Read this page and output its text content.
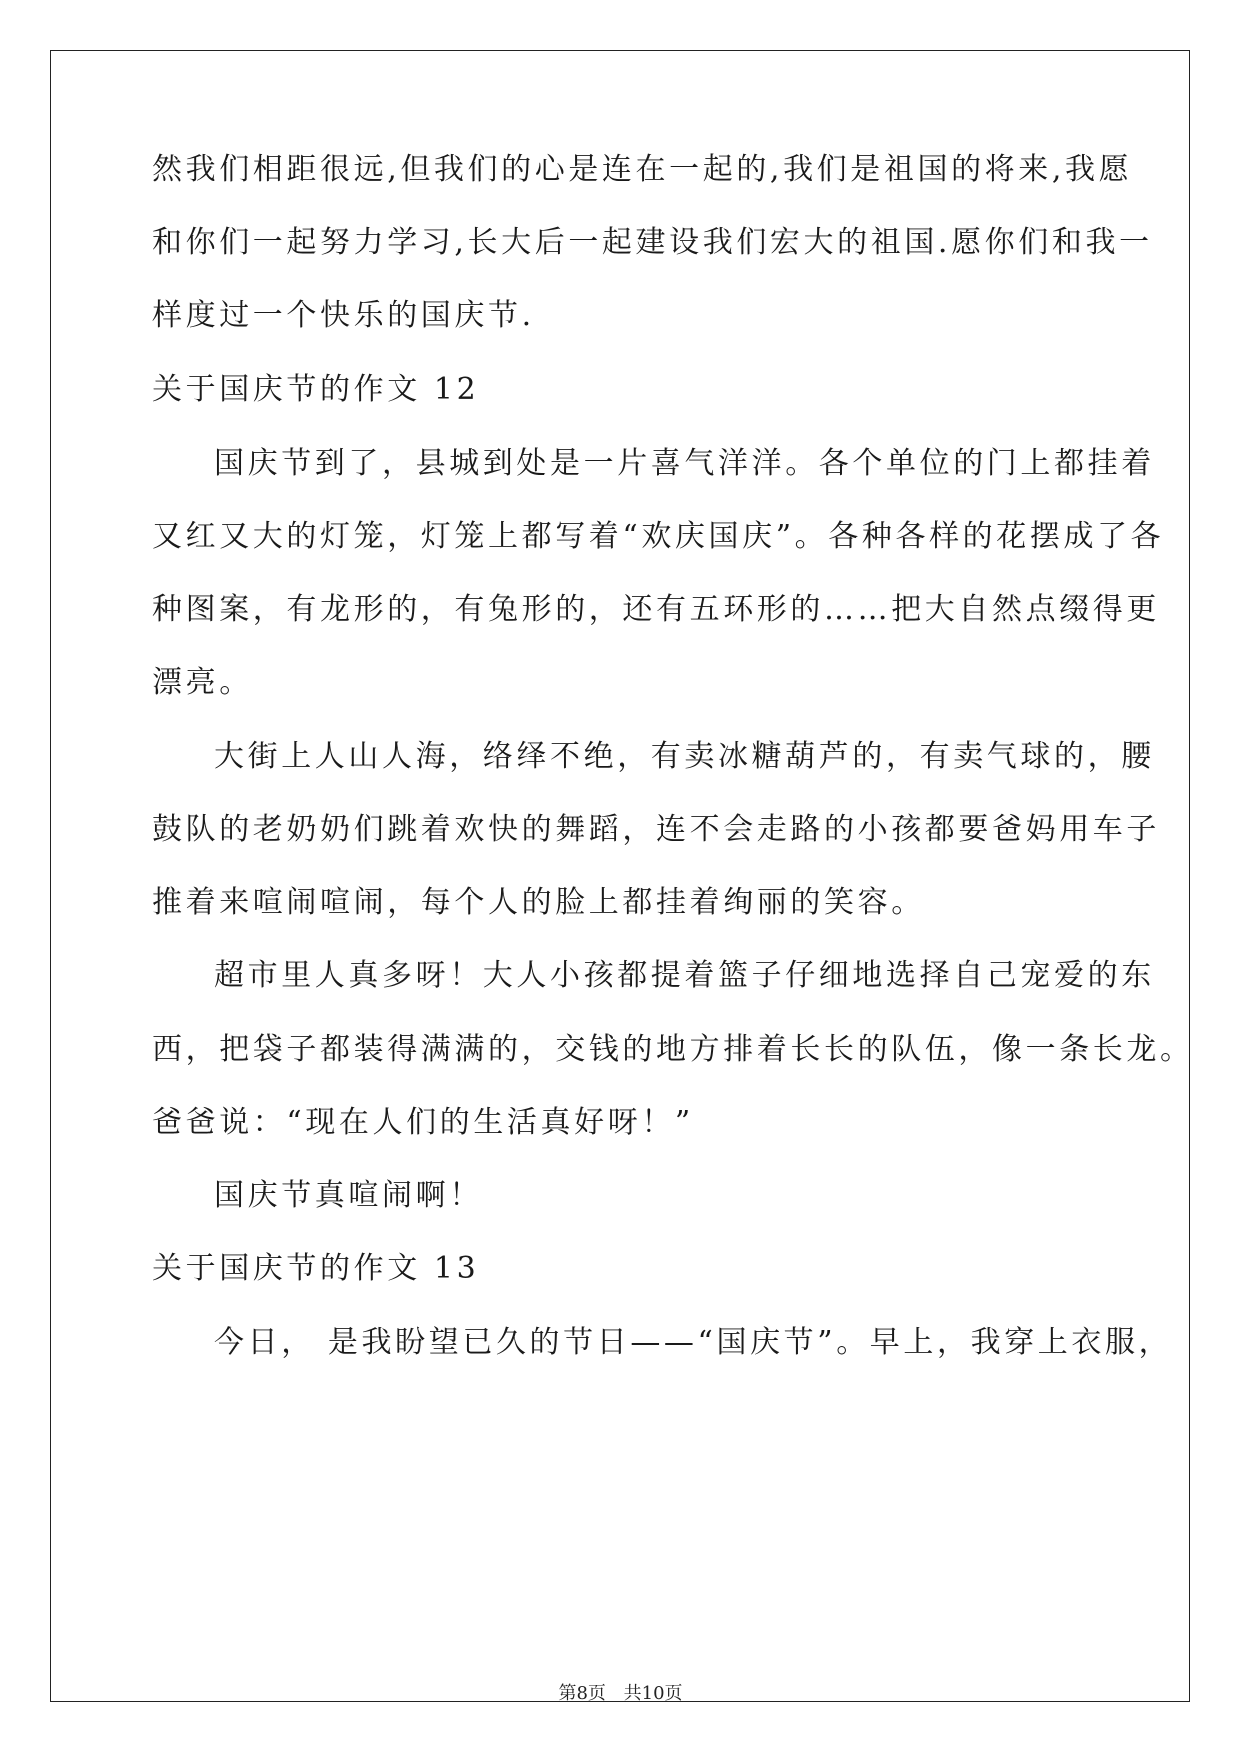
然我们相距很远,但我们的心是连在一起的,我们是祖国的将来,我愿
和你们一起努力学习,长大后一起建设我们宏大的祖国.愿你们和我一
样度过一个快乐的国庆节.
关于国庆节的作文 12
国庆节到了，县城到处是一片喜气洋洋。各个单位的门上都挂着
又红又大的灯笼，灯笼上都写着“欢庆国庆”。各种各样的花摆成了各
种图案，有龙形的，有兔形的，还有五环形的……把大自然点缀得更
漂亮。
大街上人山人海，络绎不绝，有卖冰糖葫芦的，有卖气球的，腰
鼓队的老奶奶们跳着欢快的舞蹈，连不会走路的小孩都要爸妈用车子
推着来喧闹喧闹，每个人的脸上都挂着绚丽的笑容。
超市里人真多呀！大人小孩都提着篮子仔细地选择自己宠爱的东
西，把袋子都装得满满的，交钱的地方排着长长的队伍，像一条长龙。
爸爸说：“现在人们的生活真好呀！”
国庆节真喧闹啊！
关于国庆节的作文 13
今日， 是我盼望已久的节日——“国庆节”。早上，我穿上衣服，
第8页 共10页
